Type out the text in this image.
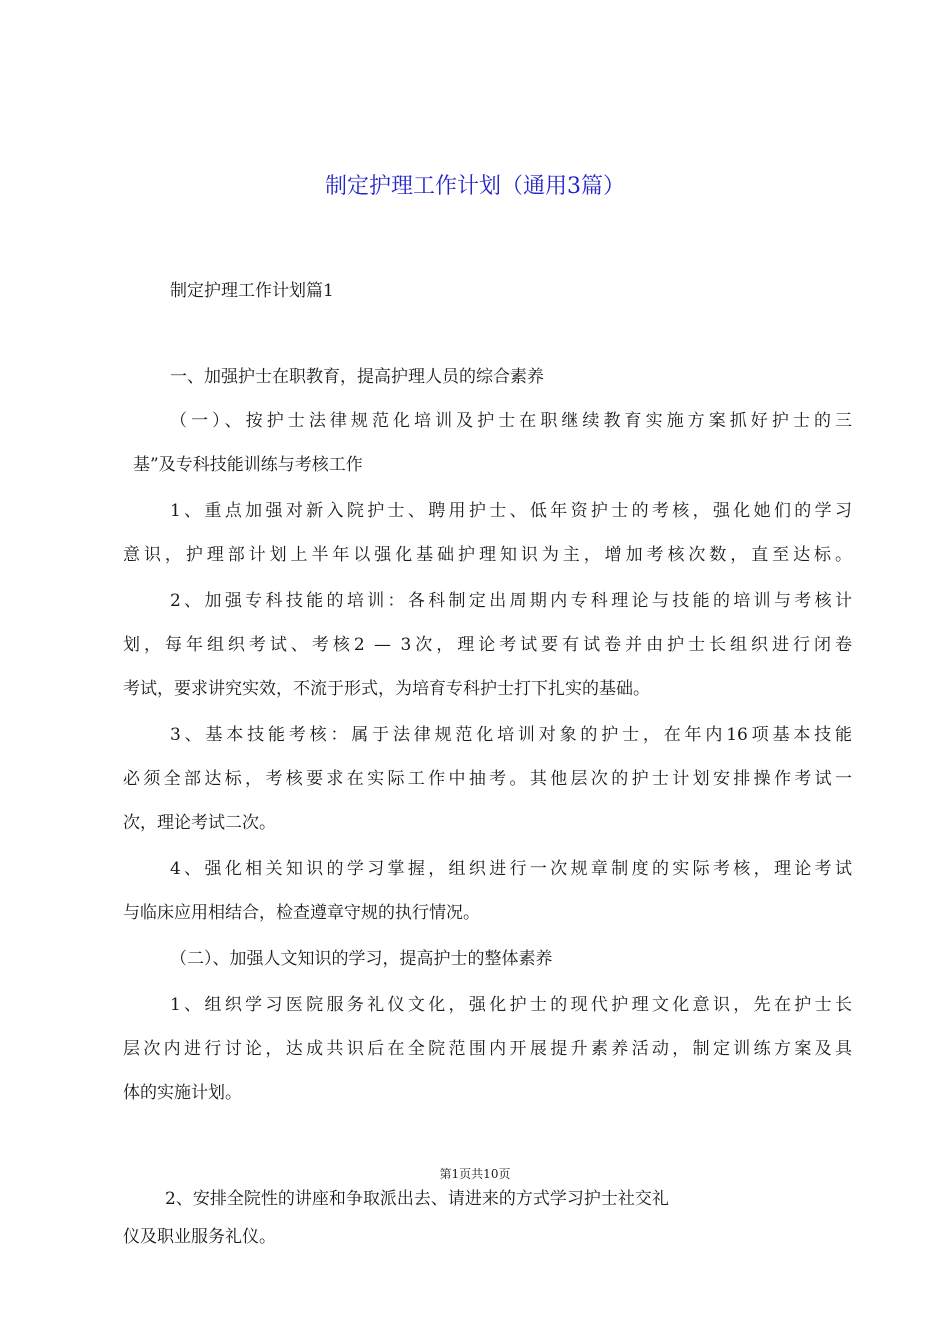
制定护理工作计划（通用3篇）
制定护理工作计划篇1
一、加强护士在职教育，提高护理人员的综合素养
（一）、按护士法律规范化培训及护士在职继续教育实施方案抓好护士的三
基”及专科技能训练与考核工作
1、重点加强对新入院护士、聘用护士、低年资护士的考核，强化她们的学习
意识，护理部计划上半年以强化基础护理知识为主，增加考核次数，直至达标。
2、加强专科技能的培训：各科制定出周期内专科理论与技能的培训与考核计
划，每年组织考试、考核2 — 3次，理论考试要有试卷并由护士长组织进行闭卷
考试，要求讲究实效，不流于形式，为培育专科护士打下扎实的基础。
3、基本技能考核：属于法律规范化培训对象的护士，在年内16项基本技能
必须全部达标，考核要求在实际工作中抽考。其他层次的护士计划安排操作考试一
次，理论考试二次。
4、强化相关知识的学习掌握，组织进行一次规章制度的实际考核，理论考试
与临床应用相结合，检查遵章守规的执行情况。
（二）、加强人文知识的学习，提高护士的整体素养
1、组织学习医院服务礼仪文化，强化护士的现代护理文化意识，先在护士长
层次内进行讨论，达成共识后在全院范围内开展提升素养活动，制定训练方案及具
体的实施计划。
第1页共10页
2、安排全院性的讲座和争取派出去、请进来的方式学习护士社交礼
仪及职业服务礼仪。
